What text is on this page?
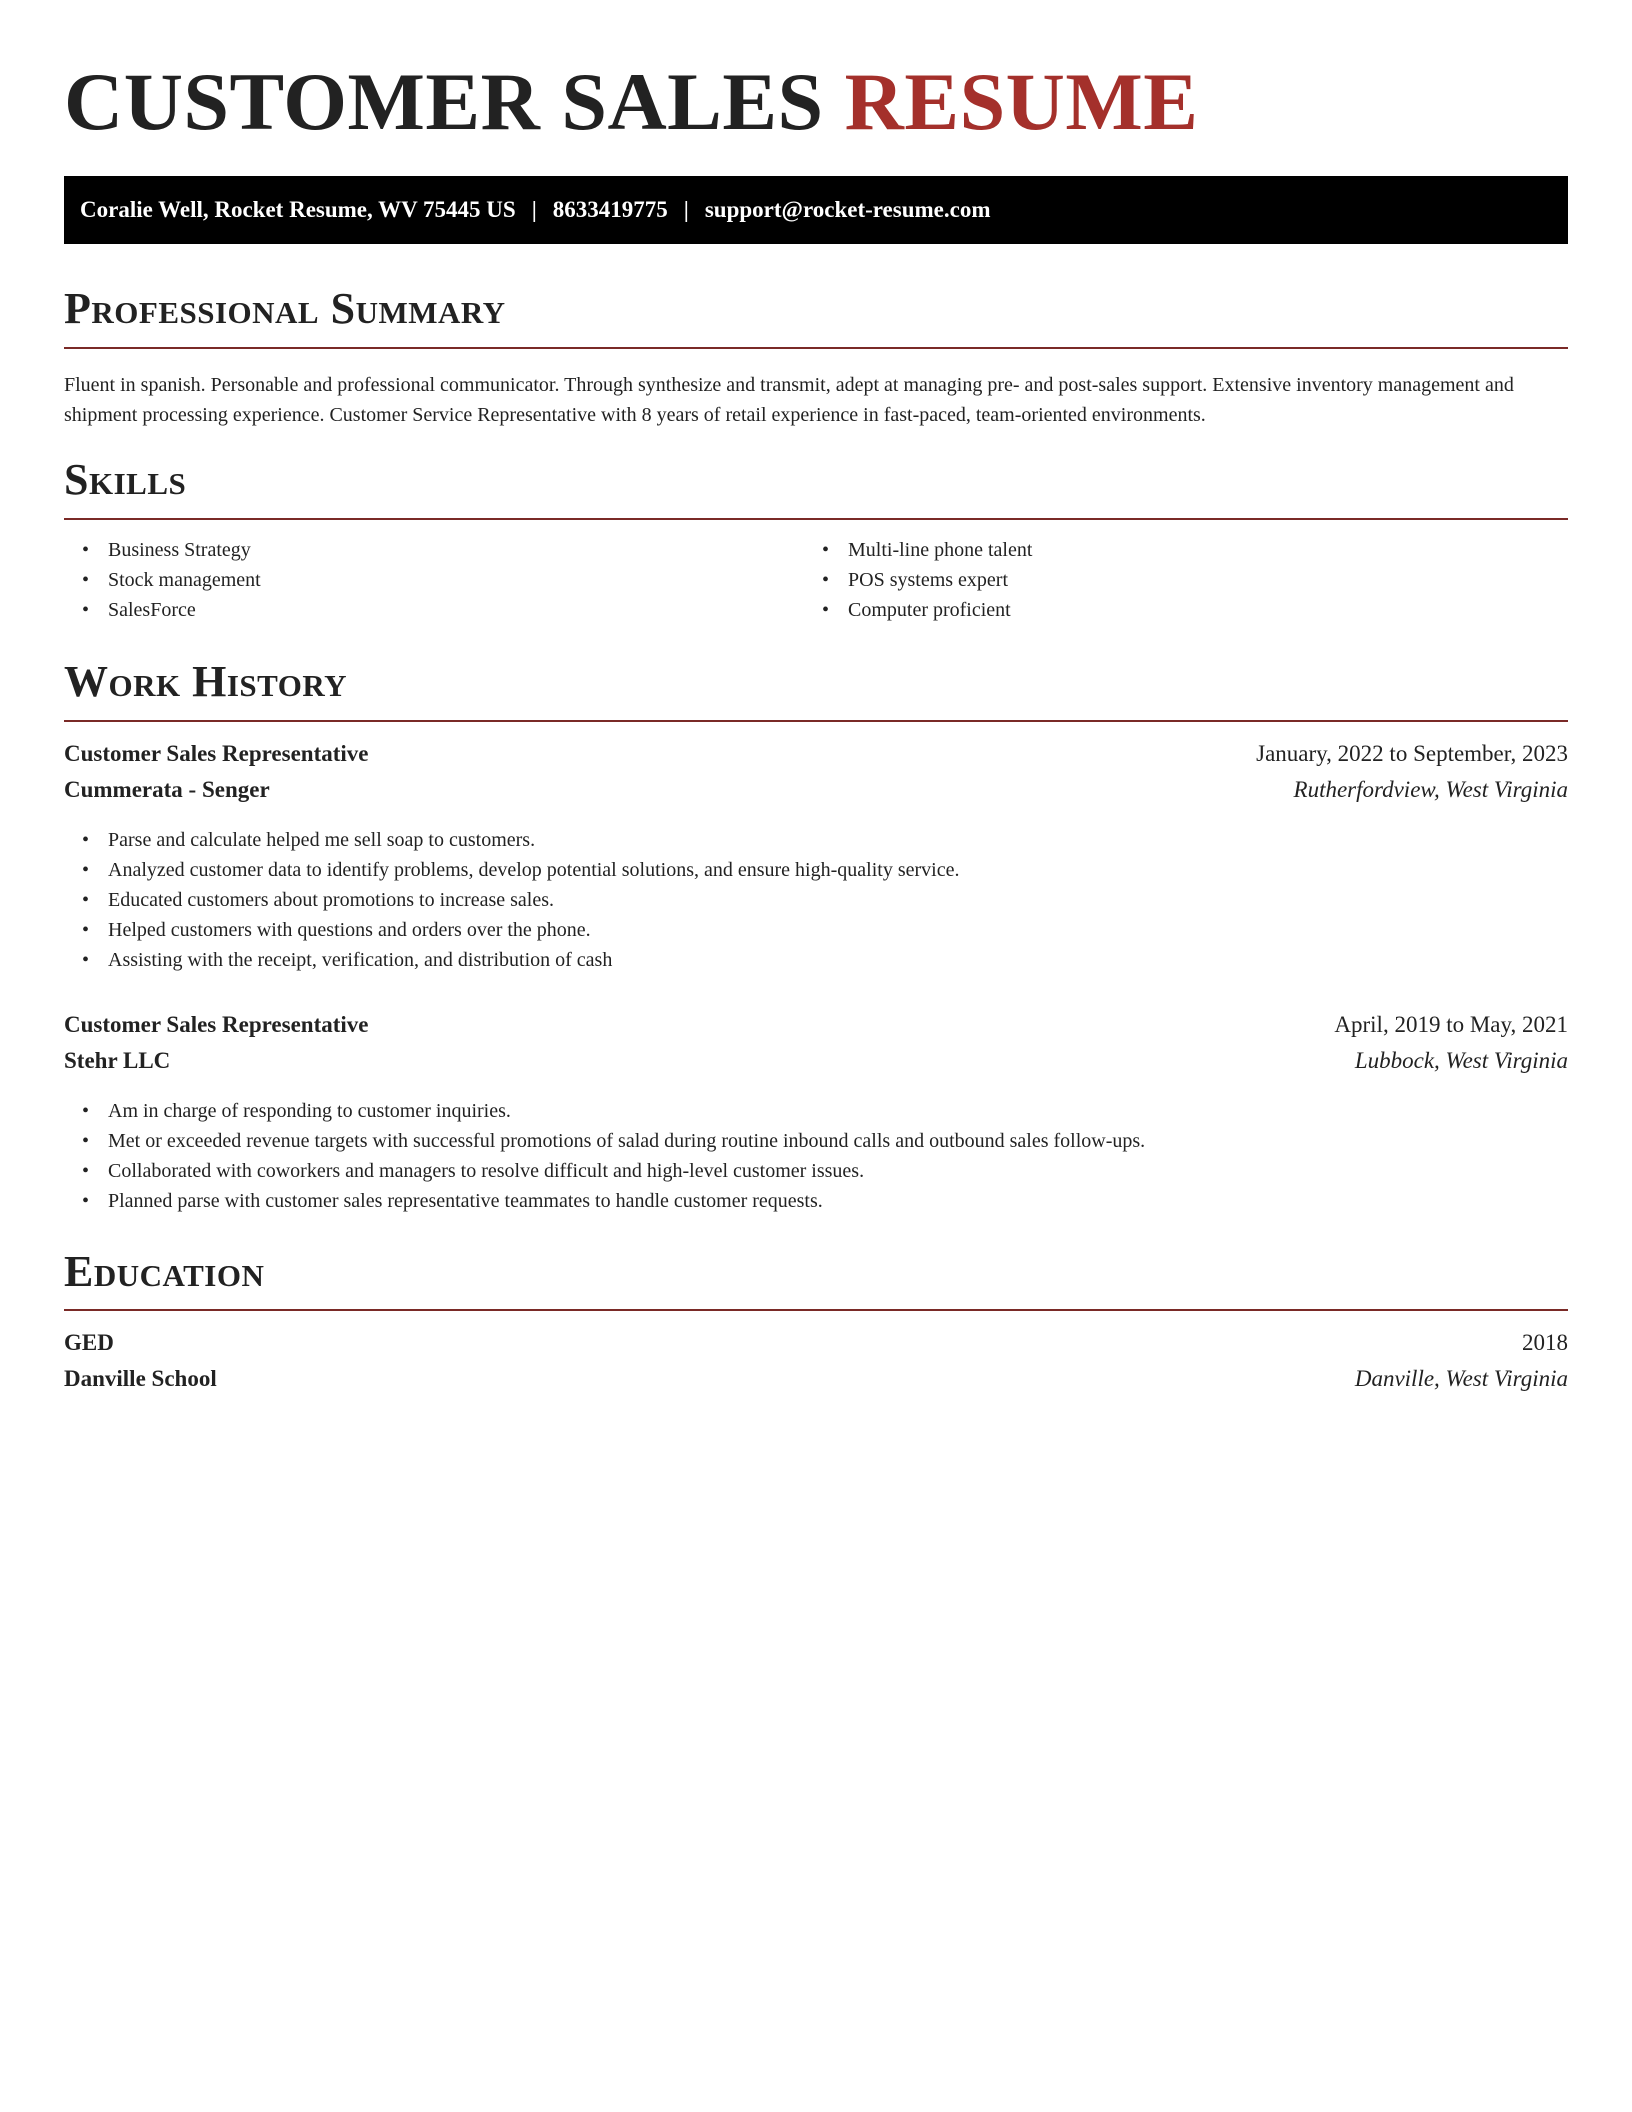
CUSTOMER SALES RESUME
Coralie Well, Rocket Resume, WV 75445 US | 8633419775 | support@rocket-resume.com
Professional Summary

Fluent in spanish. Personable and professional communicator. Through synthesize and transmit, adept at managing pre- and post-sales support. Extensive inventory management and shipment processing experience. Customer Service Representative with 8 years of retail experience in fast-paced, team-oriented environments.

Skills
• Business Strategy
• Stock management
• SalesForce
• Multi-line phone talent
• POS systems expert
• Computer proficient
Work History
Customer Sales Representative	January, 2022 to September, 2023
Cummerata - Senger	Rutherfordview, West Virginia
• Parse and calculate helped me sell soap to customers.
• Analyzed customer data to identify problems, develop potential solutions, and ensure high-quality service.
• Educated customers about promotions to increase sales.
• Helped customers with questions and orders over the phone.
• Assisting with the receipt, verification, and distribution of cash
Customer Sales Representative	April, 2019 to May, 2021
Stehr LLC	Lubbock, West Virginia
• Am in charge of responding to customer inquiries.
• Met or exceeded revenue targets with successful promotions of salad during routine inbound calls and outbound sales follow-ups.
• Collaborated with coworkers and managers to resolve difficult and high-level customer issues.
• Planned parse with customer sales representative teammates to handle customer requests.
Education
GED	2018
Danville School	Danville, West Virginia
